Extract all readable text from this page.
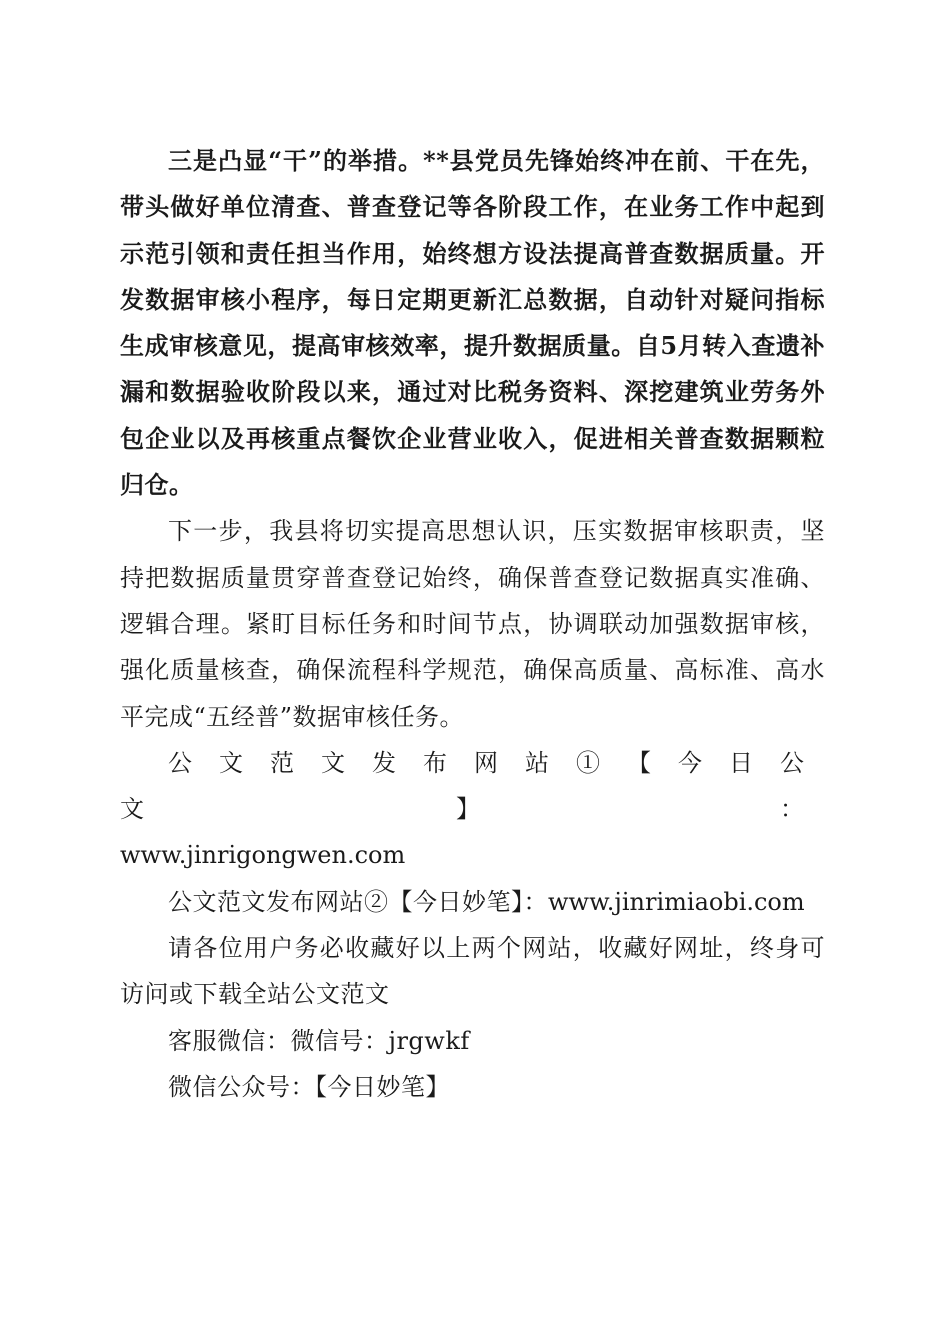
三是凸显“干”的举措。**县党员先锋始终冲在前、干在先，带头做好单位清查、普查登记等各阶段工作，在业务工作中起到示范引领和责任担当作用，始终想方设法提高普查数据质量。开发数据审核小程序，每日定期更新汇总数据，自动针对疑问指标生成审核意见，提高审核效率，提升数据质量。自5月转入查遗补漏和数据验收阶段以来，通过对比税务资料、深挖建筑业劳务外包企业以及再核重点餐饮企业营业收入，促进相关普查数据颗粒归仓。

下一步，我县将切实提高思想认识，压实数据审核职责，坚持把数据质量贯穿普查登记始终，确保普查登记数据真实准确、逻辑合理。紧盯目标任务和时间节点，协调联动加强数据审核，强化质量核查，确保流程科学规范，确保高质量、高标准、高水平完成“五经普”数据审核任务。

公文范文发布网站①【今日公文】：

www.jinrigongwen.com

公文范文发布网站②【今日妙笔】：www.jinrimiaobi.com

请各位用户务必收藏好以上两个网站，收藏好网址，终身可访问或下载全站公文范文

客服微信：微信号：jrgwkf

微信公众号：【今日妙笔】
